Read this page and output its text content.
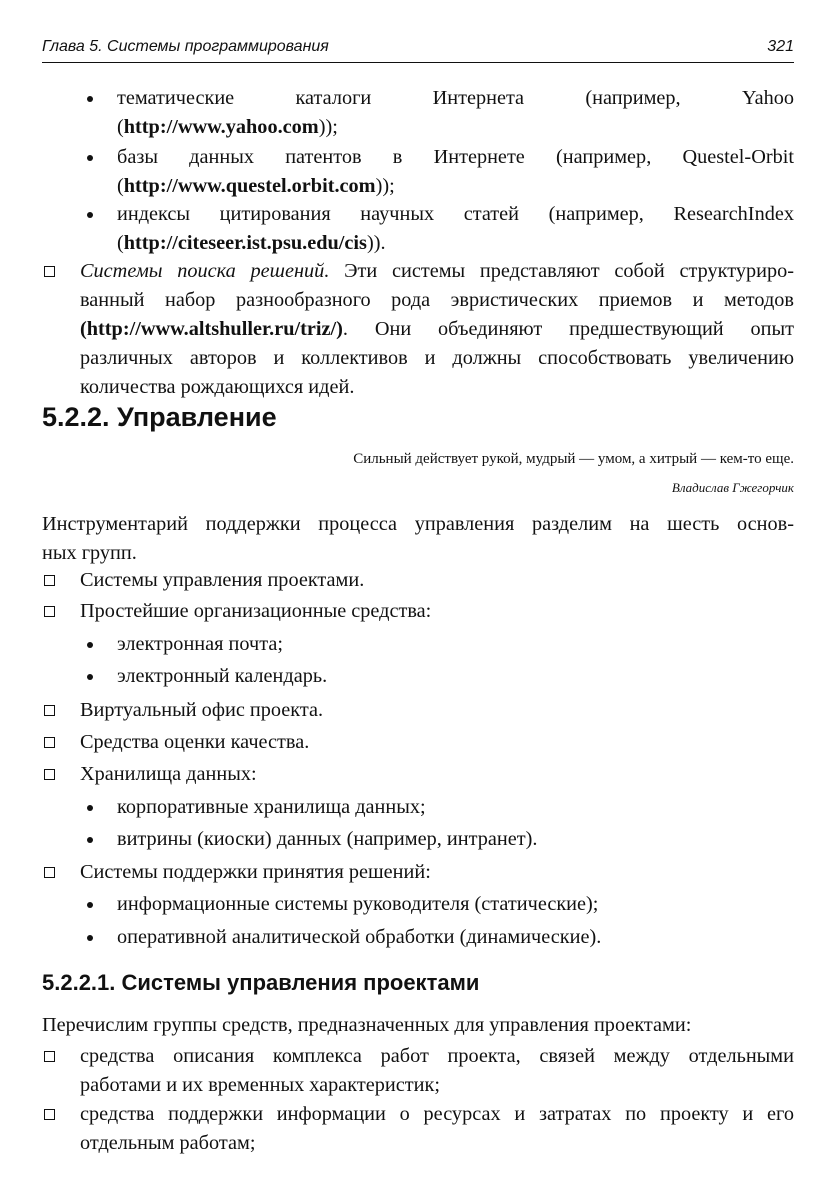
Глава 5. Системы программирования	321
тематические каталоги Интернета (например, Yahoo
(http://www.yahoo.com));
базы данных патентов в Интернете (например, Questel-Orbit
(http://www.questel.orbit.com));
индексы цитирования научных статей (например, ResearchIndex
(http://citeseer.ist.psu.edu/cis)).
Системы поиска решений. Эти системы представляют собой структуриро-
ванный набор разнообразного рода эвристических приемов и методов
(http://www.altshuller.ru/triz/). Они объединяют предшествующий опыт
различных авторов и коллективов и должны способствовать увеличению
количества рождающихся идей.
5.2.2. Управление
Сильный действует рукой, мудрый — умом, а хитрый — кем-то еще.
Владислав Гжегорчик
Инструментарий поддержки процесса управления разделим на шесть основ-
ных групп.
Системы управления проектами.
Простейшие организационные средства:
электронная почта;
электронный календарь.
Виртуальный офис проекта.
Средства оценки качества.
Хранилища данных:
корпоративные хранилища данных;
витрины (киоски) данных (например, интранет).
Системы поддержки принятия решений:
информационные системы руководителя (статические);
оперативной аналитической обработки (динамические).
5.2.2.1. Системы управления проектами
Перечислим группы средств, предназначенных для управления проектами:
средства описания комплекса работ проекта, связей между отдельными
работами и их временных характеристик;
средства поддержки информации о ресурсах и затратах по проекту и его
отдельным работам;
